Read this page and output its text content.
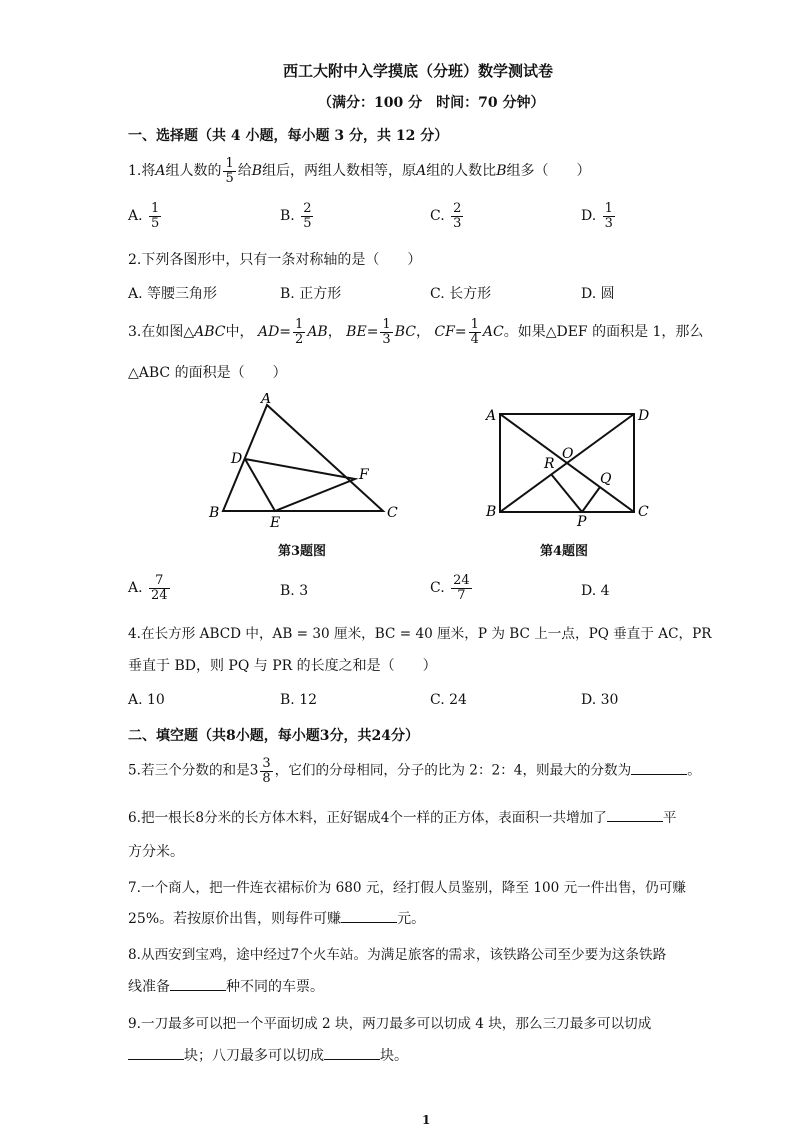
西工大附中入学摸底（分班）数学测试卷
（满分：100 分　时间：70 分钟）
一、选择题（共 4 小题，每小题 3 分，共 12 分）
1.将A组人数的 $\frac{1}{5}$ 给B组后，两组人数相等，原A组的人数比B组多（　　）
A. $\frac{1}{5}$	B. $\frac{2}{5}$	C. $\frac{2}{3}$	D. $\frac{1}{3}$
2.下列各图形中，只有一条对称轴的是（　　）
A. 等腰三角形	B. 正方形	C. 长方形	D. 圆
3.在如图△ABC中， $AD= \frac{1}{2}$ AB， $BE= \frac{1}{3}$ BC， $CF= \frac{1}{4}$ AC。如果△DEF 的面积是 1，那么
△ABC 的面积是（　　）
A
D
F
B
E
C
第3题图
A	D
O
R
Q
B
P
C
第4题图
A. $\frac{7}{24}$	B. 3	C. $\frac{24}{7}$	D. 4
4.在长方形 ABCD 中，AB = 30 厘米，BC = 40 厘米，P 为 BC 上一点，PQ 垂直于 AC，PR
垂直于 BD，则 PQ 与 PR 的长度之和是（　　）
A. 10	B. 12	C. 24	D. 30
二、填空题（共8小题，每小题3分，共24分）
5.若三个分数的和是$3 \frac{3}{8}$ ，它们的分母相同，分子的比为 2：2：4，则最大的分数为	。
6.把一根长8分米的长方体木料，正好锯成4个一样的正方体，表面积一共增加了	平
方分米。
7.一个商人，把一件连衣裙标价为 680 元，经打假人员鉴别，降至 100 元一件出售，仍可赚
25%。若按原价出售，则每件可赚	元。
8.从西安到宝鸡，途中经过7个火车站。为满足旅客的需求，该铁路公司至少要为这条铁路
线准备	种不同的车票。
9.一刀最多可以把一个平面切成 2 块，两刀最多可以切成 4 块，那么三刀最多可以切成
块；八刀最多可以切成	块。
1
